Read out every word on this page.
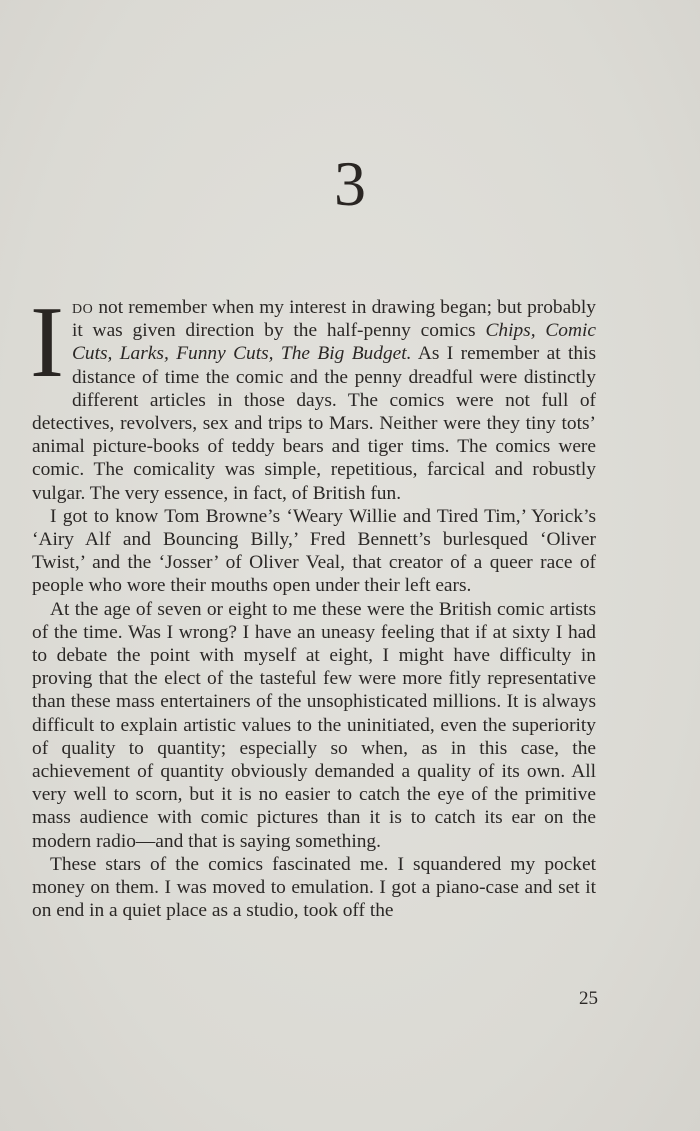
3

Ido not remember when my interest in drawing began; but probably it was given direction by the half-penny comics Chips, Comic Cuts, Larks, Funny Cuts, The Big Budget. As I remember at this distance of time the comic and the penny dreadful were distinctly different articles in those days. The comics were not full of detectives, revolvers, sex and trips to Mars. Neither were they tiny tots’ animal picture-books of teddy bears and tiger tims. The comics were comic. The comicality was simple, repetitious, farcical and robustly vulgar. The very essence, in fact, of British fun.

I got to know Tom Browne’s ‘Weary Willie and Tired Tim,’ Yorick’s ‘Airy Alf and Bouncing Billy,’ Fred Bennett’s burlesqued ‘Oliver Twist,’ and the ‘Josser’ of Oliver Veal, that creator of a queer race of people who wore their mouths open under their left ears.

At the age of seven or eight to me these were the British comic artists of the time. Was I wrong? I have an uneasy feeling that if at sixty I had to debate the point with myself at eight, I might have difficulty in proving that the elect of the tasteful few were more fitly representative than these mass entertainers of the unsophisticated millions. It is always difficult to explain artistic values to the uninitiated, even the superiority of quality to quantity; especially so when, as in this case, the achievement of quantity obviously demanded a quality of its own. All very well to scorn, but it is no easier to catch the eye of the primitive mass audience with comic pictures than it is to catch its ear on the modern radio—and that is saying something.

These stars of the comics fascinated me. I squandered my pocket money on them. I was moved to emulation. I got a piano-case and set it on end in a quiet place as a studio, took off the

25
